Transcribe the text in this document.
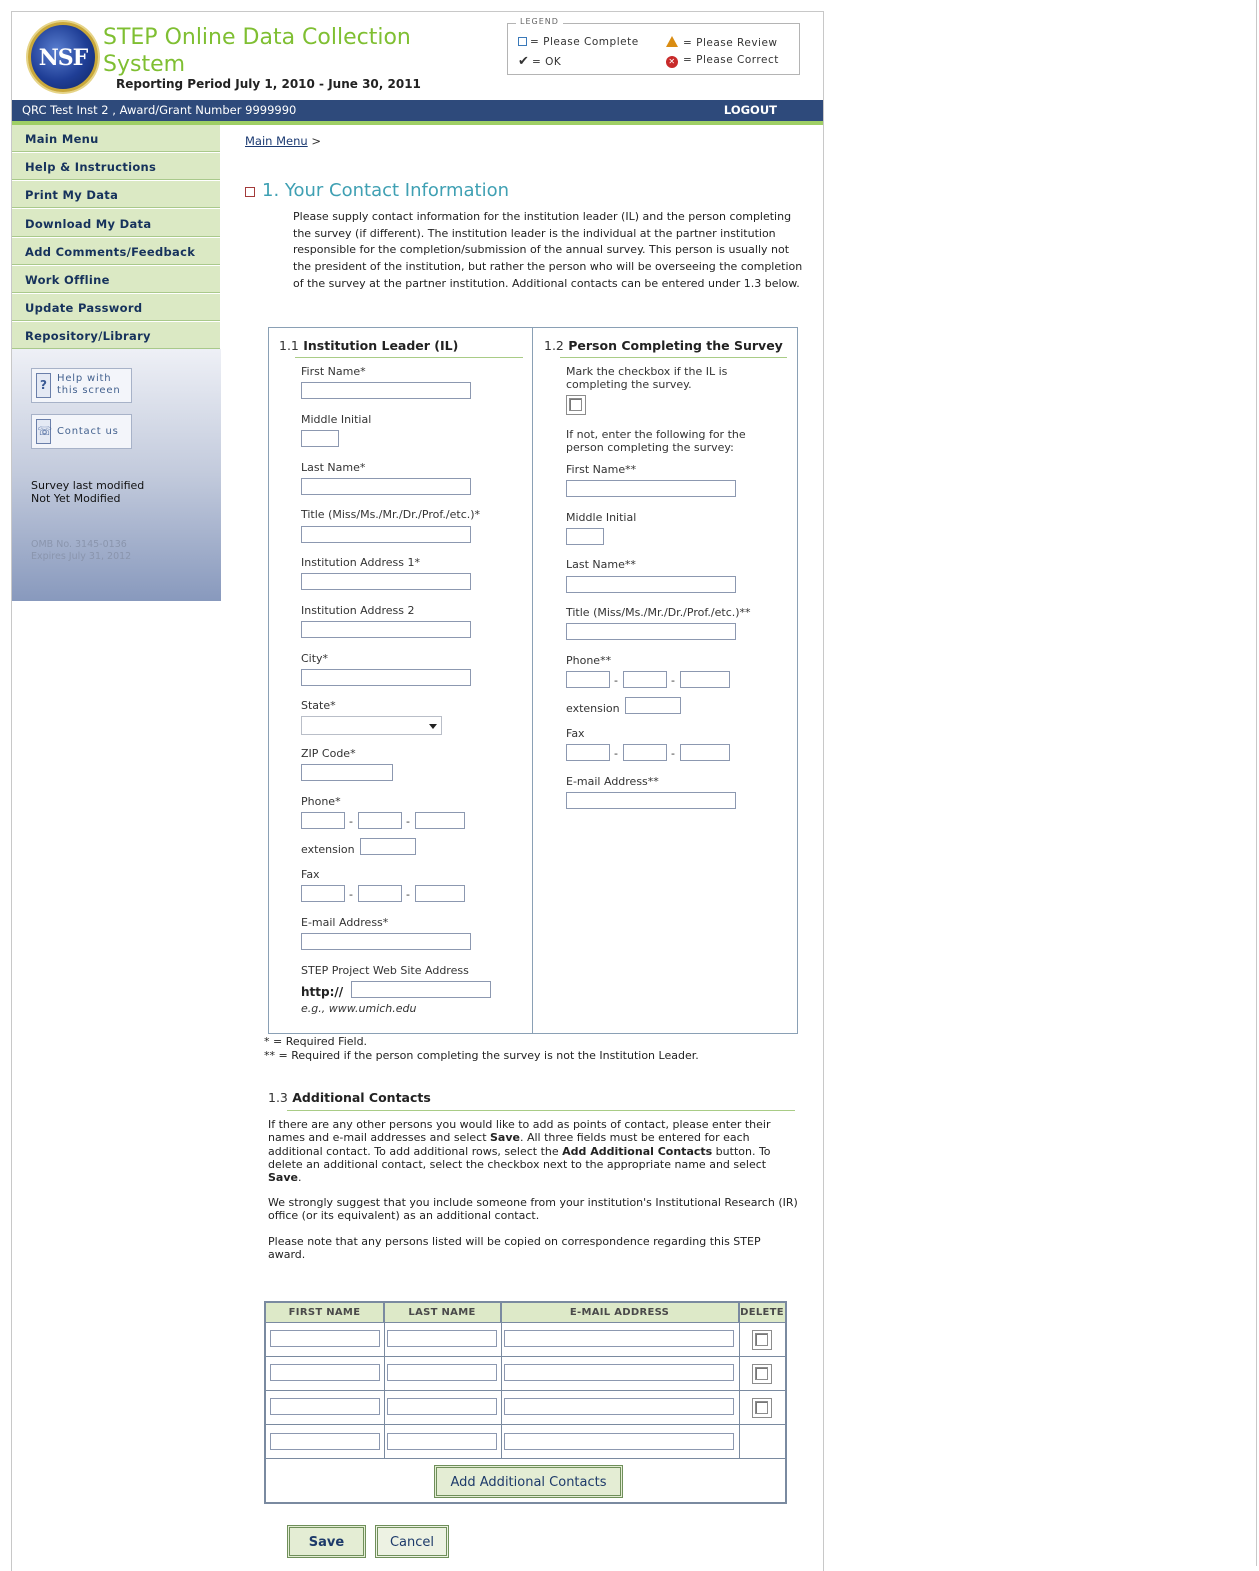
NSF
STEP Online Data Collection
System
Reporting Period July 1, 2010 - June 30, 2011
LEGEND
= Please Complete
✔ = OK
= Please Review
✕ = Please Correct
QRC Test Inst 2 , Award/Grant Number 9999990	LOGOUT
Main Menu
Help & Instructions
Print My Data
Download My Data
Add Comments/Feedback
Work Offline
Update Password
Repository/Library
?	Help with
this screen
☏ Contact us
Survey last modified
Not Yet Modified
OMB No. 3145-0136
Expires July 31, 2012
Main Menu >
1. Your Contact Information
Please supply contact information for the institution leader (IL) and the person completing the survey (if different). The institution leader is the individual at the partner institution responsible for the completion/submission of the annual survey. This person is usually not the president of the institution, but rather the person who will be overseeing the completion of the survey at the partner institution. Additional contacts can be entered under 1.3 below.
1.1 Institution Leader (IL)
First Name*
Middle Initial
Last Name*
Title (Miss/Ms./Mr./Dr./Prof./etc.)*
Institution Address 1*
Institution Address 2
City*
State*
ZIP Code*
Phone*
-	-
extension
Fax
-	-
E-mail Address*
STEP Project Web Site Address
http://
e.g., www.umich.edu
1.2 Person Completing the Survey
Mark the checkbox if the IL is completing the survey.
If not, enter the following for the person completing the survey:
First Name**
Middle Initial
Last Name**
Title (Miss/Ms./Mr./Dr./Prof./etc.)**
Phone**
-	-
extension
Fax
-	-
E-mail Address**
* = Required Field.
** = Required if the person completing the survey is not the Institution Leader.
1.3 Additional Contacts
If there are any other persons you would like to add as points of contact, please enter their names and e-mail addresses and select Save. All three fields must be entered for each additional contact. To add additional rows, select the Add Additional Contacts button. To delete an additional contact, select the checkbox next to the appropriate name and select Save.
We strongly suggest that you include someone from your institution's Institutional Research (IR) office (or its equivalent) as an additional contact.
Please note that any persons listed will be copied on correspondence regarding this STEP award.
FIRST NAME	LAST NAME	E-MAIL ADDRESS	DELETE
Add Additional Contacts
Save	Cancel
